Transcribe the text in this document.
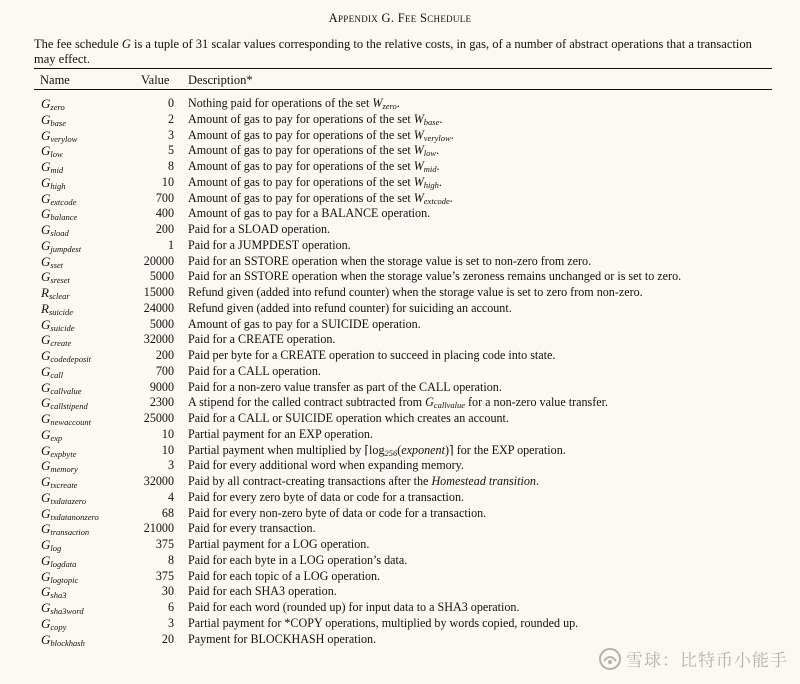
Appendix G. Fee Schedule
The fee schedule G is a tuple of 31 scalar values corresponding to the relative costs, in gas, of a number of abstract operations that a transaction may effect.
Name	Value Description*
$G_{zero}$	0 Nothing paid for operations of the set $W_{zero}$.
$G_{base}$	2 Amount of gas to pay for operations of the set $W_{base}$.
$G_{verylow}$	3 Amount of gas to pay for operations of the set $W_{verylow}$.
$G_{low}$	5 Amount of gas to pay for operations of the set $W_{low}$.
$G_{mid}$	8 Amount of gas to pay for operations of the set $W_{mid}$.
$G_{high}$	10 Amount of gas to pay for operations of the set $W_{high}$.
$G_{extcode}$	700 Amount of gas to pay for operations of the set $W_{extcode}$.
$G_{balance}$	400 Amount of gas to pay for a BALANCE operation.
$G_{sload}$	200 Paid for a SLOAD operation.
$G_{jumpdest}$	1 Paid for a JUMPDEST operation.
$G_{sset}$	20000 Paid for an SSTORE operation when the storage value is set to non-zero from zero.
$G_{sreset}$	5000 Paid for an SSTORE operation when the storage value’s zeroness remains unchanged or is set to zero.
$R_{sclear}$	15000 Refund given (added into refund counter) when the storage value is set to zero from non-zero.
$R_{suicide}$	24000 Refund given (added into refund counter) for suiciding an account.
$G_{suicide}$	5000 Amount of gas to pay for a SUICIDE operation.
$G_{create}$	32000 Paid for a CREATE operation.
$G_{codedeposit}$	200 Paid per byte for a CREATE operation to succeed in placing code into state.
$G_{call}$	700 Paid for a CALL operation.
$G_{callvalue}$	9000 Paid for a non-zero value transfer as part of the CALL operation.
$G_{callstipend}$	2300 A stipend for the called contract subtracted from $G_{callvalue}$ for a non-zero value transfer.
$G_{newaccount}$	25000 Paid for a CALL or SUICIDE operation which creates an account.
$G_{exp}$	10 Partial payment for an EXP operation.
$G_{expbyte}$	10 Partial payment when multiplied by $⌈\log_{256}(exponent)⌉$ for the EXP operation.
$G_{memory}$	3 Paid for every additional word when expanding memory.
$G_{txcreate}$	32000 Paid by all contract-creating transactions after the Homestead transition.
$G_{txdatazero}$	4 Paid for every zero byte of data or code for a transaction.
$G_{txdatanonzero}$	68 Paid for every non-zero byte of data or code for a transaction.
$G_{transaction}$	21000 Paid for every transaction.
$G_{log}$	375 Partial payment for a LOG operation.
$G_{logdata}$	8 Paid for each byte in a LOG operation’s data.
$G_{logtopic}$	375 Paid for each topic of a LOG operation.
$G_{sha3}$	30 Paid for each SHA3 operation.
$G_{sha3word}$	6 Paid for each word (rounded up) for input data to a SHA3 operation.
$G_{copy}$	3 Partial payment for *COPY operations, multiplied by words copied, rounded up.
$G_{blockhash}$	20 Payment for BLOCKHASH operation.
雪球：比特币小能手
